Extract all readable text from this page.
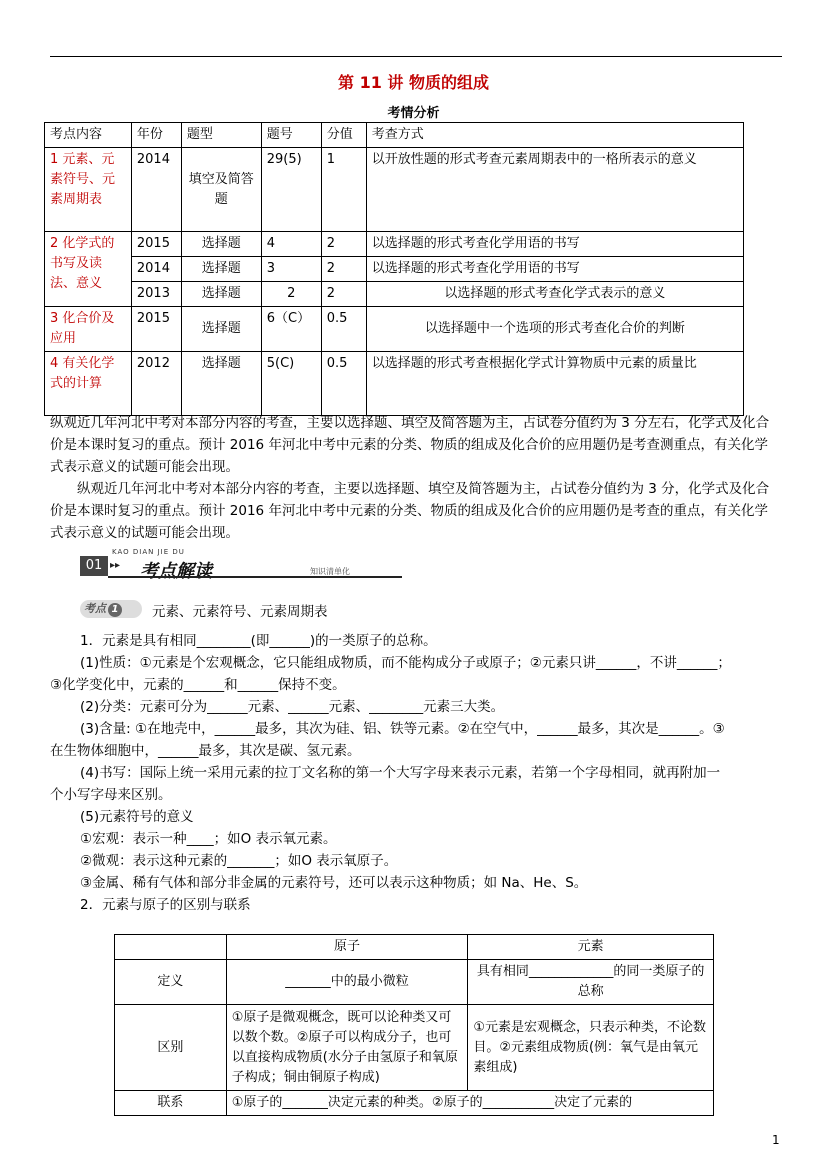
第 11 讲 物质的组成
考情分析
考点内容	年份	题型	题号	分值	考查方式
1 元素、元素符号、元素周期表	2014	填空及简答题	29(5)	1	以开放性题的形式考查元素周期表中的一格所表示的意义
2 化学式的书写及读法、意义	2015	选择题	4	2	以选择题的形式考查化学用语的书写
	2014	选择题	3	2	以选择题的形式考查化学用语的书写
	2013	选择题	2	2	以选择题的形式考查化学式表示的意义
3 化合价及应用	2015	选择题	6（C）	0.5	以选择题中一个选项的形式考查化合价的判断
4 有关化学式的计算	2012	选择题	5(C)	0.5	以选择题的形式考查根据化学式计算物质中元素的质量比
纵观近几年河北中考对本部分内容的考查，主要以选择题、填空及简答题为主，占试卷分值约为 3 分左右，化学式及化合价是本课时复习的重点。预计 2016 年河北中考中元素的分类、物质的组成及化合价的应用题仍是考查测重点，有关化学式表示意义的试题可能会出现。
纵观近几年河北中考对本部分内容的考查，主要以选择题、填空及简答题为主，占试卷分值约为 3 分，化学式及化合价是本课时复习的重点。预计 2016 年河北中考中元素的分类、物质的组成及化合价的应用题仍是考查的重点，有关化学式表示意义的试题可能会出现。
KAO DIAN JIE DU
01 ▸▸ 考点解读	知识清单化
考点 1	元素、元素符号、元素周期表
1．元素是具有相同________(即______)的一类原子的总称。
(1)性质：①元素是个宏观概念，它只能组成物质，而不能构成分子或原子；②元素只讲______，不讲______；
③化学变化中，元素的______和______保持不变。
(2)分类：元素可分为______元素、______元素、________元素三大类。
(3)含量: ①在地壳中，______最多，其次为硅、铝、铁等元素。②在空气中，______最多，其次是______。③
在生物体细胞中，______最多，其次是碳、氢元素。
(4)书写：国际上统一采用元素的拉丁文名称的第一个大写字母来表示元素，若第一个字母相同，就再附加一
个小写字母来区别。
(5)元素符号的意义
①宏观：表示一种____；如O 表示氧元素。
②微观：表示这种元素的_______；如O 表示氧原子。
③金属、稀有气体和部分非金属的元素符号，还可以表示这种物质；如 Na、He、S。
2．元素与原子的区别与联系
	原子	元素
定义	_______中的最小微粒	具有相同_____________的同一类原子的总称
区别	①原子是微观概念，既可以论种类又可以数个数。②原子可以构成分子，也可以直接构成物质(水分子由氢原子和氧原子构成；铜由铜原子构成)	①元素是宏观概念，只表示种类，不论数目。②元素组成物质(例：氧气是由氧元素组成)
联系	①原子的_______决定元素的种类。②原子的___________决定了元素的	
1
